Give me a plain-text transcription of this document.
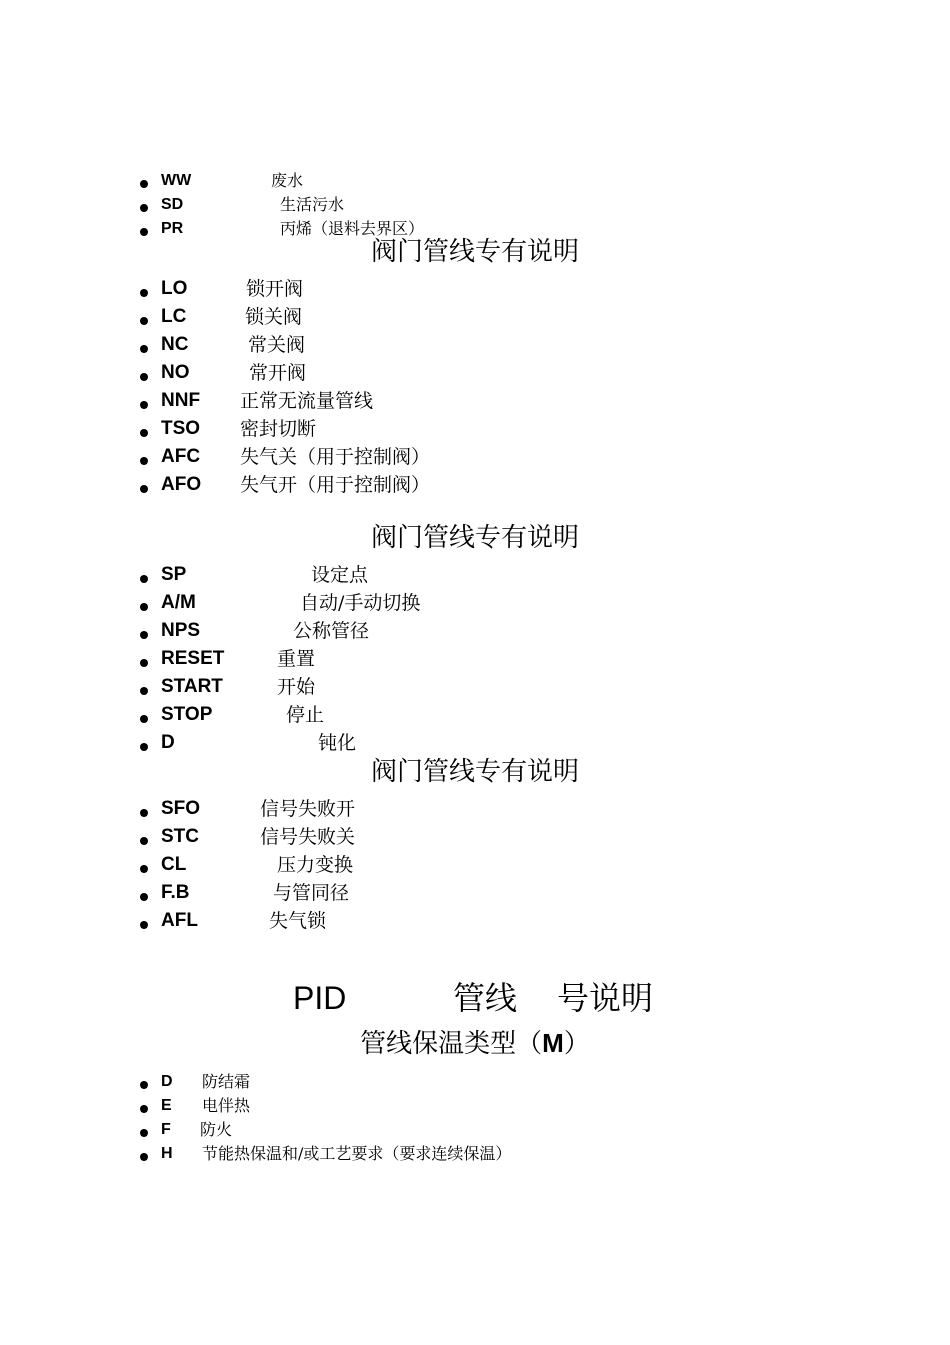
WW	废水
SD	生活污水
PR	丙烯（退料去界区）
阀门管线专有说明
LO	锁开阀
LC	锁关阀
NC	常关阀
NO	常开阀
NNF 正常无流量管线
TSO 密封切断
AFC 失气关（用于控制阀）
AFO 失气开（用于控制阀）
阀门管线专有说明
SP	设定点
A/M	自动/手动切换
NPS	公称管径
RESET	重置
START	开始
STOP	停止
D	钝化
阀门管线专有说明
SFO	信号失败开
STC	信号失败关
CL	压力变换
F.B	与管同径
AFL	失气锁
PID	管线 号说明
管线保温类型（M）
D 防结霜
E 电伴热
F 防火
H 节能热保温和/或工艺要求（要求连续保温）
